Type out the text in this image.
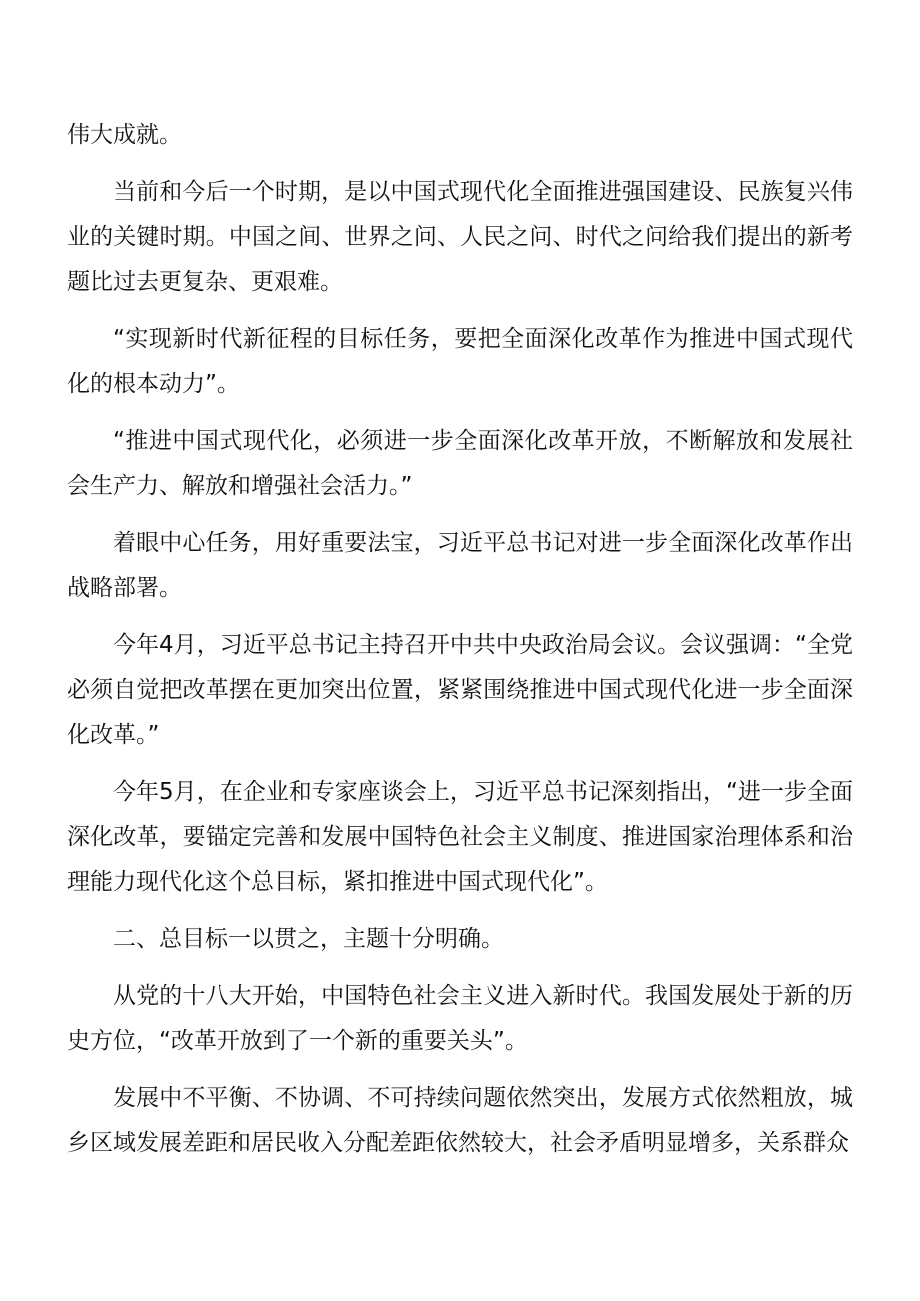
伟大成就。

当前和今后一个时期，是以中国式现代化全面推进强国建设、民族复兴伟业的关键时期。中国之间、世界之问、人民之问、时代之问给我们提出的新考题比过去更复杂、更艰难。

“实现新时代新征程的目标任务，要把全面深化改革作为推进中国式现代化的根本动力”。

“推进中国式现代化，必须进一步全面深化改革开放，不断解放和发展社会生产力、解放和增强社会活力。”

着眼中心任务，用好重要法宝，习近平总书记对进一步全面深化改革作出战略部署。

今年4月，习近平总书记主持召开中共中央政治局会议。会议强调：“全党必须自觉把改革摆在更加突出位置，紧紧围绕推进中国式现代化进一步全面深化改革。”

今年5月，在企业和专家座谈会上，习近平总书记深刻指出，“进一步全面深化改革，要锚定完善和发展中国特色社会主义制度、推进国家治理体系和治理能力现代化这个总目标，紧扣推进中国式现代化”。

二、总目标一以贯之，主题十分明确。

从党的十八大开始，中国特色社会主义进入新时代。我国发展处于新的历史方位，“改革开放到了一个新的重要关头”。

发展中不平衡、不协调、不可持续问题依然突出，发展方式依然粗放，城乡区域发展差距和居民收入分配差距依然较大，社会矛盾明显增多，关系群众
